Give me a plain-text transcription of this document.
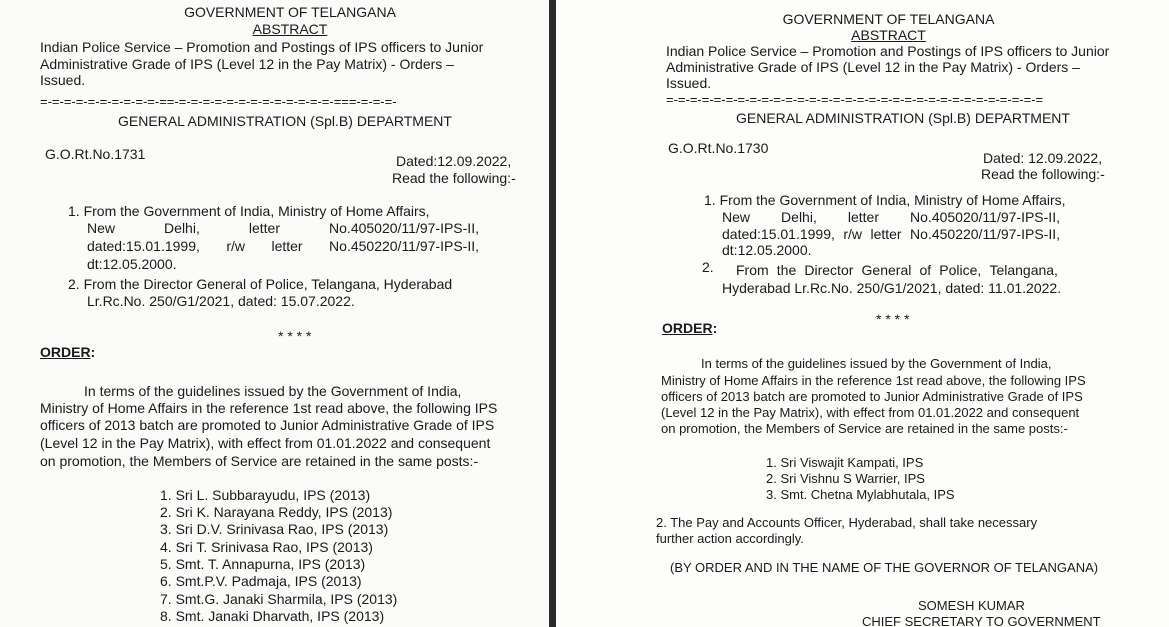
GOVERNMENT OF TELANGANA
ABSTRACT
Indian Police Service – Promotion and Postings of IPS officers to Junior
Administrative Grade of IPS (Level 12 in the Pay Matrix) - Orders –
Issued.
=-=-=-=-=-=-=-=-=-=-==-=-=-=-=-=-=-=-=-=-=-=-=-=-===-=-=-=-
GENERAL ADMINISTRATION (Spl.B) DEPARTMENT
G.O.Rt.No.1731	Dated:12.09.2022,
Read the following:-
1. From the Government of India, Ministry of Home Affairs,
New	Delhi,	letter	No.405020/11/97-IPS-II,
dated:15.01.1999, r/w letter No.450220/11/97-IPS-II,
dt:12.05.2000.
2. From the Director General of Police, Telangana, Hyderabad
Lr.Rc.No. 250/G1/2021, dated: 15.07.2022.
* * * *
ORDER:
In terms of the guidelines issued by the Government of India,
Ministry of Home Affairs in the reference 1st read above, the following IPS
officers of 2013 batch are promoted to Junior Administrative Grade of IPS
(Level 12 in the Pay Matrix), with effect from 01.01.2022 and consequent
on promotion, the Members of Service are retained in the same posts:-
1. Sri L. Subbarayudu, IPS (2013)
2. Sri K. Narayana Reddy, IPS (2013)
3. Sri D.V. Srinivasa Rao, IPS (2013)
4. Sri T. Srinivasa Rao, IPS (2013)
5. Smt. T. Annapurna, IPS (2013)
6. Smt.P.V. Padmaja, IPS (2013)
7. Smt.G. Janaki Sharmila, IPS (2013)
8. Smt. Janaki Dharvath, IPS (2013)
GOVERNMENT OF TELANGANA
ABSTRACT
Indian Police Service – Promotion and Postings of IPS officers to Junior
Administrative Grade of IPS (Level 12 in the Pay Matrix) - Orders –
Issued.
=-=-=-=-=-=-=-=-=-=-=-=-=-=-=-=-=-=-=-=-=-=-=-=-=-=-=-=-=-=-=-=
GENERAL ADMINISTRATION (Spl.B) DEPARTMENT
G.O.Rt.No.1730
Dated: 12.09.2022,
Read the following:-
1. From the Government of India, Ministry of Home Affairs,
New Delhi, letter No.405020/11/97-IPS-II,
dated:15.01.1999, r/w letter No.450220/11/97-IPS-II,
dt:12.05.2000.
2. From the Director General of Police, Telangana,
Hyderabad Lr.Rc.No. 250/G1/2021, dated: 11.01.2022.
* * * *
ORDER:
In terms of the guidelines issued by the Government of India,
Ministry of Home Affairs in the reference 1st read above, the following IPS
officers of 2013 batch are promoted to Junior Administrative Grade of IPS
(Level 12 in the Pay Matrix), with effect from 01.01.2022 and consequent
on promotion, the Members of Service are retained in the same posts:-
1. Sri Viswajit Kampati, IPS
2. Sri Vishnu S Warrier, IPS
3. Smt. Chetna Mylabhutala, IPS
2. The Pay and Accounts Officer, Hyderabad, shall take necessary
further action accordingly.
(BY ORDER AND IN THE NAME OF THE GOVERNOR OF TELANGANA)
SOMESH KUMAR
CHIEF SECRETARY TO GOVERNMENT
